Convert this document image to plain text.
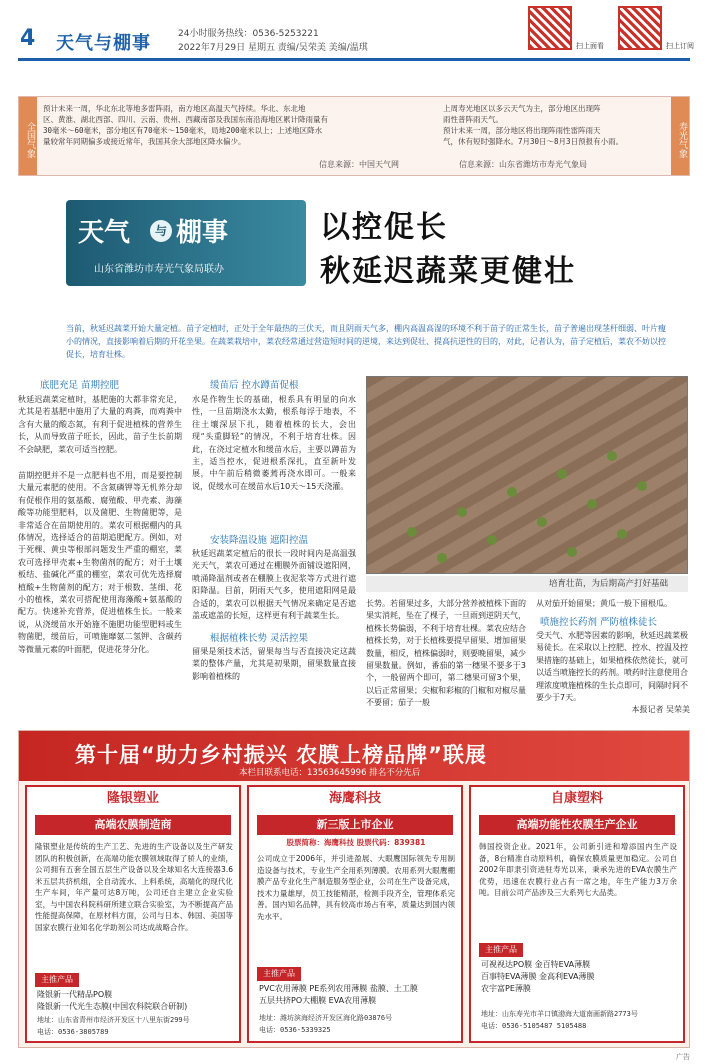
4 天气与棚事	24小时服务热线：0536-5253221
2022年7月29日 星期五 责编/吴荣美 美编/温琪	扫上面看	扫上订阅
全国气象
预计未来一周，华北东北等地多雷阵雨，南方地区高温天气持续。华北、东北地
区、黄淮、湖北西部、四川、云南、贵州、西藏南部及我国东南沿海地区累计降雨量有
30毫米～60毫米，部分地区有70毫米～150毫米，局地200毫米以上；上述地区降水
量较常年同期偏多或接近常年，我国其余大部地区降水偏少。
信息来源：中国天气网
上周寿光地区以多云天气为主，部分地区出现阵
雨性普阵雨天气。
预计未来一周，部分地区将出现阵雨性雷阵雨天
气，休有短时强降水。7月30日～8月3日预报有小雨。
信息来源：山东省潍坊市寿光气象局
寿光气象
天气	与 棚事
山东省潍坊市寿光气象局联办
以控促长
秋延迟蔬菜更健壮
当前，秋延迟蔬菜开始大量定植。苗子定植时，正处于全年最热的三伏天，而且阴雨天气多，棚内高温高湿的环境不利于苗子的正常生长，苗子普遍出现茎杆细弱、叶片瘦小的情况，直接影响着后期的开花坐果。在蔬菜栽培中，菜农经常通过营造短时间的逆境，来达到促壮、提高抗逆性的目的，对此，记者认为，苗子定植后，菜农不妨以控促长，培育壮株。
底肥充足 苗期控肥
秋延迟蔬菜定植时，基肥施的大都非常充足，尤其是若基肥中施用了大量的鸡粪，而鸡粪中含有大量的酸态氮，有利于促进植株的营养生长，从而导致苗子旺长，因此，苗子生长前期不会缺肥，菜农可适当控肥。
苗期控肥并不是一点肥料也不用，而是要控制大量元素肥的使用。不含氮磷钾等无机养分却有促根作用的氨基酸、腐殖酸、甲壳素、海藻酸等功能型肥料，以及菌肥、生物菌肥等，是非常适合在苗期使用的。菜农可根据棚内的具体情况，选择适合的苗期追肥配方。例如，对于死棵、黄虫等根部问题发生严重的棚室，菜农可选择甲壳素+生物菌剂的配方；对于土壤板结、盐碱化严重的棚室，菜农可优先选择腐植酸+生物菌剂的配方；对于根数、茎细、花小的植株，菜农可搭配使用海藻酸+氨基酸的配方。快速补充营养，促进植株生长。一般来说，从浇缓苗水开始施不施肥功能型肥料或生物菌肥，缓苗后，可喷施靡氨二氢钾、含碳药等微量元素的叶面肥，促进花芽分化。
缓苗后 控水蹲苗促根
水是作物生长的基础，根系具有明显的向水性，一旦苗期浇水太勤，根系每浮于地表，不往土壤深层下扎，随着植株的长大，会出现“头重脚轻”的情况，不利于培育壮株。因此，在浇过定植水和缓苗水后，主要以蹲苗为主，适当控水，促进根系深扎，直至新叶发展，中午前后稍微萎蔫再浇水即可。一般来说，促缓水可在缓苗水后10天～15天浇灌。
安装降温设施 遮阳控温
秋延迟蔬菜定植后的很长一段时间内是高温强光天气，菜农可通过在棚膜外面铺设遮阳网，喷涌降温剂或者在棚膜上夜泥浆等方式进行遮阳降温。目前，阴雨天气多，使用遮阳网是最合适的，菜农可以根据天气情况来确定是否遮盖或遮盖的长短，这样更有利于蔬菜生长。
根据植株长势 灵活控果
留果是须技术活，留果每当与否直接决定这蔬菜的整体产量，尤其是初果期，留果数量直接影响着植株的
培育壮苗，为后期高产打好基础
长势。若留果过多，大部分营养被植株下面的果实消耗，坠在了棵子，一旦雨到逆阴天气，植株长势偏弱，不利于培育壮棵。菜农应结合植株长势，对于长植株要提早留果、增加留果数量，相反，植株偏弱时，则要晚留果，减少留果数量。例如，番茄的第一穗果不要多于3个，一般留两个即可，第二穗果可留3个果，以后正常留果；尖椒和彩椒的门椒和对椒尽量不要留；茄子一般
从对茄开始留果；黄瓜一般下留根瓜。
喷施控长药剂 严防植株徒长
受天气、水肥等因素的影响，秋延迟蔬菜极易徒长。在采取以上控肥、控水、控温及控果措施的基础上，如果植株依然徒长，就可以适当喷施控长的药剂。喷药时注意使用合理浓度喷施植株的生长点即可，间隔时间不要少于7天。
本报记者 吴荣美
第十届“助力乡村振兴 农膜上榜品牌”联展
本栏目联系电话：13563645996 排名不分先后
隆银塑业
高端农膜制造商
隆银塑业是传统的生产工艺、先进的生产设备以及生产研发团队的积极创新，在高端功能农膜领域取得了骄人的业绩，公司拥有五套全国五层生产设备以及全球知名大连接器3.6米五层共挤机组，全自动流水、上料系统，高端化的现代化生产车间，年产量可达8万吨，公司还自主建立企业实验室，与中国农科院科研所建立联合实验室，为不断提高产品性能提高保障，在原材料方面，公司与日本、韩国、美国等国家农膜行业知名化学助剂公司达成战略合作。
主推产品
隆银新一代精品PO膜
隆银新一代光生态膜(中国农科院联合研制)
地址：山东省青州市经济开发区十八里东街299号
电话：0536-3805789
海鹰科技
新三版上市企业
股票简称：海鹰科技 股票代码：839381
公司成立于2006年，并引进盈展、大眼鹰国际领先专用制造设备与技术，专业生产全用系列薄膜。农用系列大眼鹰棚膜产品专业化生产制造服务型企业，公司在生产设备完成，技术力量雄厚，员工技能精湛，检测手段齐全，管理体系完善。国内知名品牌，具有较高市场占有率，质量达到国内领先水平。
主推产品
PVC农用薄膜 PE系列农用薄膜 盐膜、土工膜
五层共挤PO大棚膜 EVA农用薄膜
地址：潍坊滨海经济开发区海化路03876号
电话：0536-5339325
自康塑料
高端功能性农膜生产企业
韩国投资企业。2021年，公司新引进和增添国内生产设备，8台精准自动原料机，确保农膜质量更加稳定。公司自2002年即隶引资进驻寿光以来，秉承先进的EVA农膜生产优势，迅速在农膜行业占有一席之地，年生产能力3万余吨。目前公司产品涉及三大系列七大品类。
主推产品
可視视达PO膜 金百特EVA薄膜
百事特EVA薄膜 金高利EVA薄膜
农宇富PE薄膜
地址：山东寿光市羊口镇渤海大道南画新路2773号
电话：0536-5105487 5105488
广告
